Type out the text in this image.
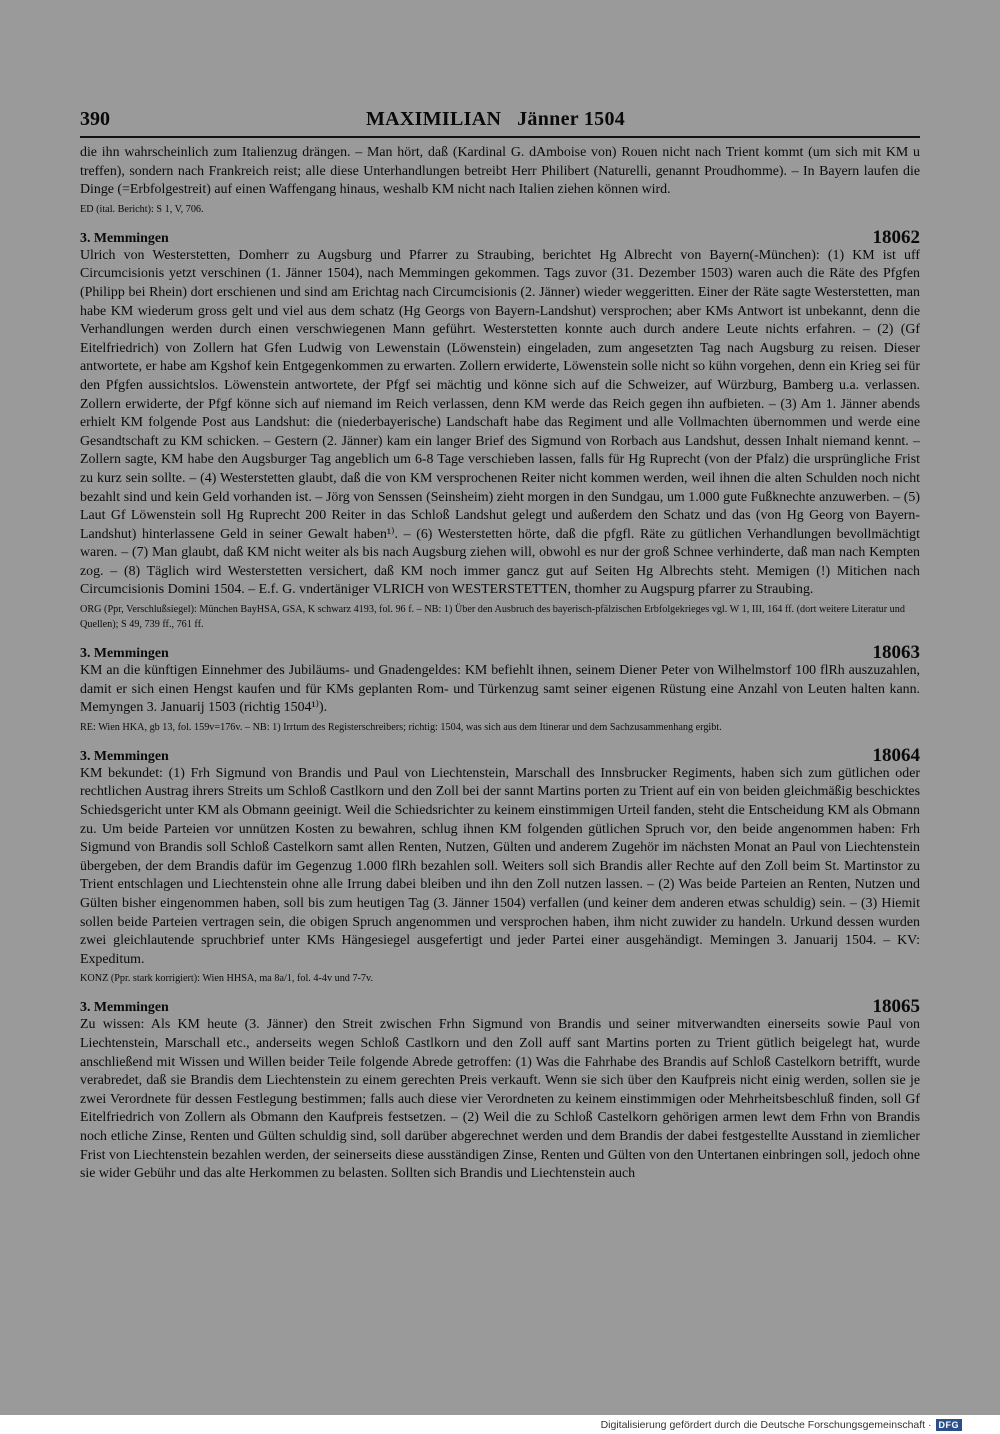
390	MAXIMILIAN   Jänner 1504

die ihn wahrscheinlich zum Italienzug drängen. – Man hört, daß (Kardinal G. dAmboise von) Rouen nicht nach Trient kommt (um sich mit KM u treffen), sondern nach Frankreich reist; alle diese Unterhandlungen betreibt Herr Philibert (Naturelli, genannt Proudhomme). – In Bayern laufen die Dinge (=Erbfolgestreit) auf einen Waffengang hinaus, weshalb KM nicht nach Italien ziehen können wird.

ED (ital. Bericht): S 1, V, 706.

3. Memmingen	18062

Ulrich von Westerstetten, Domherr zu Augsburg und Pfarrer zu Straubing, berichtet Hg Albrecht von Bayern(-München): (1) KM ist uff Circumcisionis yetzt verschinen (1. Jänner 1504), nach Memmingen gekommen. Tags zuvor (31. Dezember 1503) waren auch die Räte des Pfgfen (Philipp bei Rhein) dort erschienen und sind am Erichtag nach Circumcisionis (2. Jänner) wieder weggeritten. Einer der Räte sagte Westerstetten, man habe KM wiederum gross gelt und viel aus dem schatz (Hg Georgs von Bayern-Landshut) versprochen; aber KMs Antwort ist unbekannt, denn die Verhandlungen werden durch einen verschwiegenen Mann geführt. Westerstetten konnte auch durch andere Leute nichts erfahren. – (2) (Gf Eitelfriedrich) von Zollern hat Gfen Ludwig von Lewenstain (Löwenstein) eingeladen, zum angesetzten Tag nach Augsburg zu reisen. Dieser antwortete, er habe am Kgshof kein Entgegenkommen zu erwarten. Zollern erwiderte, Löwenstein solle nicht so kühn vorgehen, denn ein Krieg sei für den Pfgfen aussichtslos. Löwenstein antwortete, der Pfgf sei mächtig und könne sich auf die Schweizer, auf Würzburg, Bamberg u.a. verlassen. Zollern erwiderte, der Pfgf könne sich auf niemand im Reich verlassen, denn KM werde das Reich gegen ihn aufbieten. – (3) Am 1. Jänner abends erhielt KM folgende Post aus Landshut: die (niederbayerische) Landschaft habe das Regiment und alle Vollmachten übernommen und werde eine Gesandtschaft zu KM schicken. – Gestern (2. Jänner) kam ein langer Brief des Sigmund von Rorbach aus Landshut, dessen Inhalt niemand kennt. – Zollern sagte, KM habe den Augsburger Tag angeblich um 6-8 Tage verschieben lassen, falls für Hg Ruprecht (von der Pfalz) die ursprüngliche Frist zu kurz sein sollte. – (4) Westerstetten glaubt, daß die von KM versprochenen Reiter nicht kommen werden, weil ihnen die alten Schulden noch nicht bezahlt sind und kein Geld vorhanden ist. – Jörg von Senssen (Seinsheim) zieht morgen in den Sundgau, um 1.000 gute Fußknechte anzuwerben. – (5) Laut Gf Löwenstein soll Hg Ruprecht 200 Reiter in das Schloß Landshut gelegt und außerdem den Schatz und das (von Hg Georg von Bayern-Landshut) hinterlassene Geld in seiner Gewalt haben¹⁾. – (6) Westerstetten hörte, daß die pfgfl. Räte zu gütlichen Verhandlungen bevollmächtigt waren. – (7) Man glaubt, daß KM nicht weiter als bis nach Augsburg ziehen will, obwohl es nur der groß Schnee verhinderte, daß man nach Kempten zog. – (8) Täglich wird Westerstetten versichert, daß KM noch immer gancz gut auf Seiten Hg Albrechts steht. Memigen (!) Mitichen nach Circumcisionis Domini 1504. – E.f. G. vndertäniger VLRICH von WESTERSTETTEN, thomher zu Augspurg pfarrer zu Straubing.

ORG (Ppr, Verschlußsiegel): München BayHSA, GSA, K schwarz 4193, fol. 96 f. – NB: 1) Über den Ausbruch des bayerisch-pfälzischen Erbfolgekrieges vgl. W 1, III, 164 ff. (dort weitere Literatur und Quellen); S 49, 739 ff., 761 ff.

3. Memmingen	18063

KM an die künftigen Einnehmer des Jubiläums- und Gnadengeldes: KM befiehlt ihnen, seinem Diener Peter von Wilhelmstorf 100 flRh auszuzahlen, damit er sich einen Hengst kaufen und für KMs geplanten Rom- und Türkenzug samt seiner eigenen Rüstung eine Anzahl von Leuten halten kann. Memyngen 3. Januarij 1503 (richtig 1504¹⁾).

RE: Wien HKA, gb 13, fol. 159v=176v. – NB: 1) Irrtum des Registerschreibers; richtig: 1504, was sich aus dem Itinerar und dem Sachzusammenhang ergibt.

3. Memmingen	18064

KM bekundet: (1) Frh Sigmund von Brandis und Paul von Liechtenstein, Marschall des Innsbrucker Regiments, haben sich zum gütlichen oder rechtlichen Austrag ihrers Streits um Schloß Castlkorn und den Zoll bei der sannt Martins porten zu Trient auf ein von beiden gleichmäßig beschicktes Schiedsgericht unter KM als Obmann geeinigt. Weil die Schiedsrichter zu keinem einstimmigen Urteil fanden, steht die Entscheidung KM als Obmann zu. Um beide Parteien vor unnützen Kosten zu bewahren, schlug ihnen KM folgenden gütlichen Spruch vor, den beide angenommen haben: Frh Sigmund von Brandis soll Schloß Castelkorn samt allen Renten, Nutzen, Gülten und anderem Zugehör im nächsten Monat an Paul von Liechtenstein übergeben, der dem Brandis dafür im Gegenzug 1.000 flRh bezahlen soll. Weiters soll sich Brandis aller Rechte auf den Zoll beim St. Martinstor zu Trient entschlagen und Liechtenstein ohne alle Irrung dabei bleiben und ihn den Zoll nutzen lassen. – (2) Was beide Parteien an Renten, Nutzen und Gülten bisher eingenommen haben, soll bis zum heutigen Tag (3. Jänner 1504) verfallen (und keiner dem anderen etwas schuldig) sein. – (3) Hiemit sollen beide Parteien vertragen sein, die obigen Spruch angenommen und versprochen haben, ihm nicht zuwider zu handeln. Urkund dessen wurden zwei gleichlautende spruchbrief unter KMs Hängesiegel ausgefertigt und jeder Partei einer ausgehändigt. Memingen 3. Januarij 1504. – KV: Expeditum.

KONZ (Ppr. stark korrigiert): Wien HHSA, ma 8a/1, fol. 4-4v und 7-7v.

3. Memmingen	18065

Zu wissen: Als KM heute (3. Jänner) den Streit zwischen Frhn Sigmund von Brandis und seiner mitverwandten einerseits sowie Paul von Liechtenstein, Marschall etc., anderseits wegen Schloß Castlkorn und den Zoll auff sant Martins porten zu Trient gütlich beigelegt hat, wurde anschließend mit Wissen und Willen beider Teile folgende Abrede getroffen: (1) Was die Fahrhabe des Brandis auf Schloß Castelkorn betrifft, wurde verabredet, daß sie Brandis dem Liechtenstein zu einem gerechten Preis verkauft. Wenn sie sich über den Kaufpreis nicht einig werden, sollen sie je zwei Verordnete für dessen Festlegung bestimmen; falls auch diese vier Verordneten zu keinem einstimmigen oder Mehrheitsbeschluß finden, soll Gf Eitelfriedrich von Zollern als Obmann den Kaufpreis festsetzen. – (2) Weil die zu Schloß Castelkorn gehörigen armen lewt dem Frhn von Brandis noch etliche Zinse, Renten und Gülten schuldig sind, soll darüber abgerechnet werden und dem Brandis der dabei festgestellte Ausstand in ziemlicher Frist von Liechtenstein bezahlen werden, der seinerseits diese ausständigen Zinse, Renten und Gülten von den Untertanen einbringen soll, jedoch ohne sie wider Gebühr und das alte Herkommen zu belasten. Sollten sich Brandis und Liechtenstein auch

Digitalisierung gefördert durch die Deutsche Forschungsgemeinschaft · DFG
